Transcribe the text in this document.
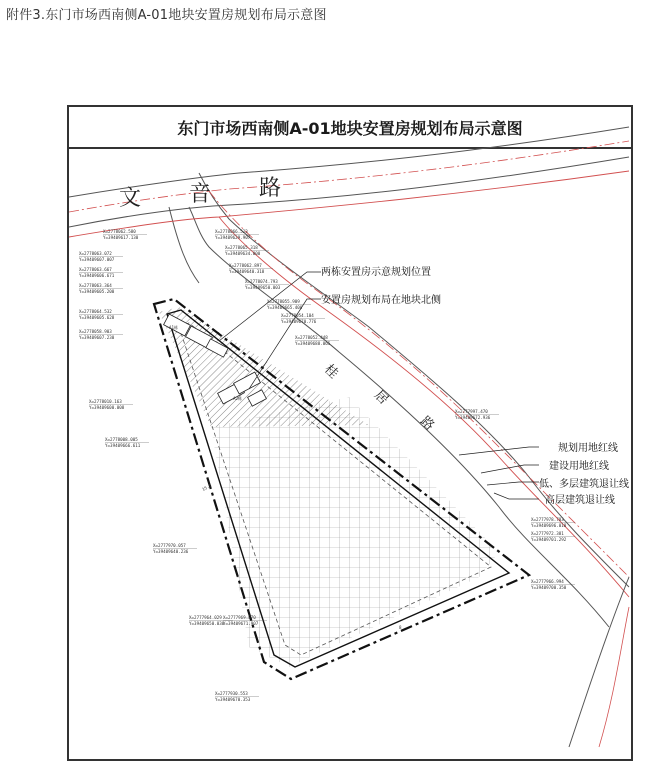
附件3.东门市场西南侧A-01地块安置房规划布局示意图
东门市场西南侧A-01地块安置房规划布局示意图
A1栋
A2栋
文 音 路
桂
居
路
15.0
8
两栋安置房示意规划位置
安置房规划布局在地块北侧
规划用地红线
建设用地红线
低、多层建筑退让线
高层建筑退让线
X=2778062.580
Y=39409617.130
X=2778063.072
Y=39409607.007
X=2778063.667
Y=39409606.671
X=2778063.364
Y=39409605.200
X=2778064.532
Y=39409605.628
X=2778058.903
Y=39409607.230
X=2778066.523
Y=39409629.907
X=2778065.318
Y=39409634.000
X=2778062.897
Y=39409640.318
X=2778074.793
Y=39409650.003
X=2778055.909
Y=39409665.400
X=2778054.104
Y=39409670.776
X=2778052.448
Y=39409688.065
X=2778010.163
Y=39409600.008
X=2778008.005
Y=39409666.611
X=2777997.470
Y=39409672.936
X=2777978.703
Y=39409696.018
X=2777972.381
Y=39409701.292
X=2777966.994
Y=39409700.350
X=2777970.057
Y=39409640.236
X=2777964.029
Y=39409650.030
X=2777969.870
Y=39409671.907
X=2777930.553
Y=39409670.353
